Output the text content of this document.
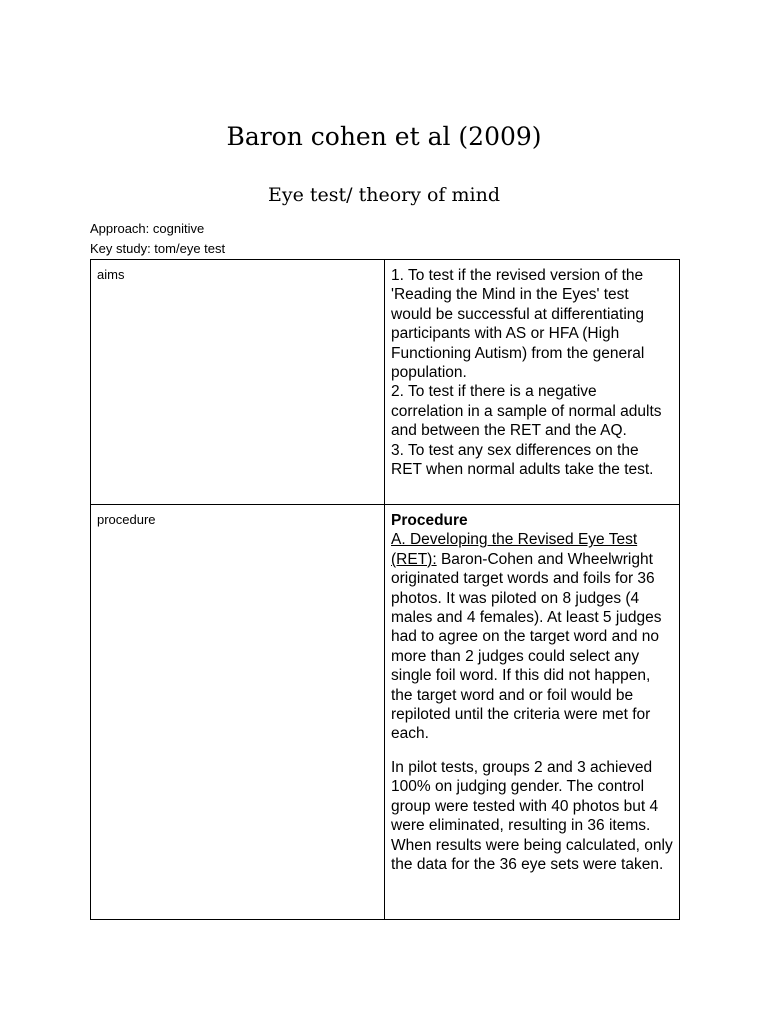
Baron cohen et al (2009)
Eye test/ theory of mind
Approach: cognitive
Key study: tom/eye test
aims	1. To test if the revised version of the 'Reading the Mind in the Eyes' test would be successful at differentiating participants with AS or HFA (High Functioning Autism) from the general population.
2. To test if there is a negative correlation in a sample of normal adults and between the RET and the AQ.
3. To test any sex differences on the RET when normal adults take the test.

procedure	Procedure
A. Developing the Revised Eye Test (RET): Baron-Cohen and Wheelwright originated target words and foils for 36 photos. It was piloted on 8 judges (4 males and 4 females). At least 5 judges had to agree on the target word and no more than 2 judges could select any single foil word. If this did not happen, the target word and or foil would be repiloted until the criteria were met for each.
In pilot tests, groups 2 and 3 achieved 100% on judging gender. The control group were tested with 40 photos but 4 were eliminated, resulting in 36 items. When results were being calculated, only the data for the 36 eye sets were taken.
